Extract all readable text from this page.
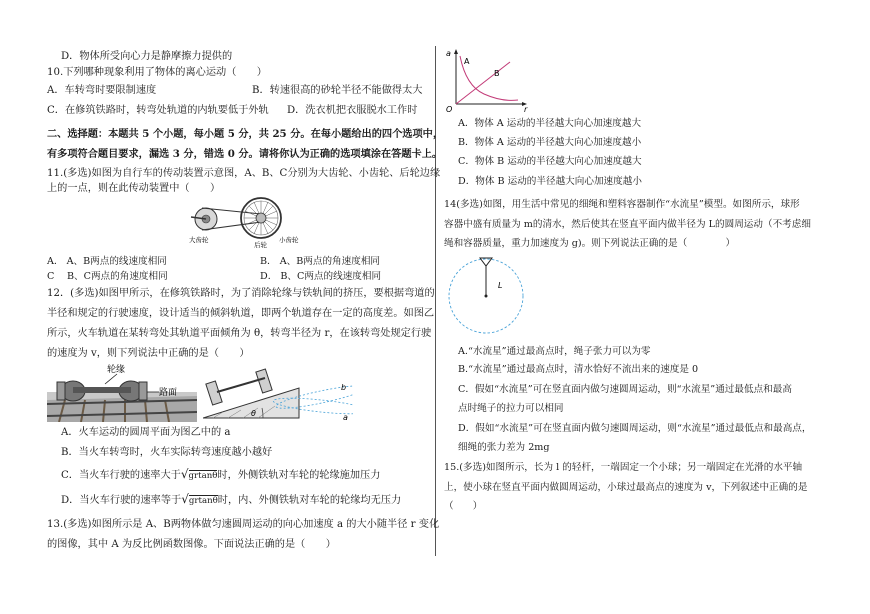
D．物体所受向心力是静摩擦力提供的
10.下列哪种现象利用了物体的离心运动（　　）
A．车转弯时要限制速度	B．转速很高的砂轮半径不能做得太大
C．在修筑铁路时，转弯处轨道的内轨要低于外轨 D．洗衣机把衣服脱水工作时
二、选择题：本题共 5 个小题，每小题 5 分，共 25 分。在每小题给出的四个选项中，
有多项符合题目要求，漏选 3 分，错选 0 分。请将你认为正确的选项填涂在答题卡上。
11.(多选)如图为自行车的传动装置示意图，A、B、C分别为大齿轮、小齿轮、后轮边缘
上的一点，则在此传动装置中（　　）
大齿轮
后轮
小齿轮
A． A、B两点的线速度相同	B． A、B两点的角速度相同
C　 B、C两点的角速度相同	D． B、C两点的线速度相同
12．(多选)如图甲所示，在修筑铁路时，为了消除轮缘与铁轨间的挤压，要根据弯道的
半径和规定的行驶速度，设计适当的倾斜轨道，即两个轨道存在一定的高度差。如图乙
所示，火车轨道在某转弯处其轨道平面倾角为 θ，转弯半径为 r，在该转弯处规定行驶
的速度为 v，则下列说法中正确的是（　　）
轮缘
路面
θ
b
a
A．火车运动的圆周平面为图乙中的 a
B．当火车转弯时，火车实际转弯速度越小越好
C．当火车行驶的速率大于√grtanθ时，外侧铁轨对车轮的轮缘施加压力
D．当火车行驶的速率等于√grtanθ时，内、外侧铁轨对车轮的轮缘均无压力
13.(多选)如图所示是 A、B两物体做匀速圆周运动的向心加速度 a 的大小随半径 r 变化
的图像，其中 A 为反比例函数图像。下面说法正确的是（　　）
a
r
O
A
B
A．物体 A 运动的半径越大向心加速度越大
B．物体 A 运动的半径越大向心加速度越小
C．物体 B 运动的半径越大向心加速度越大
D．物体 B 运动的半径越大向心加速度越小
14(多选)如图，用生活中常见的细绳和塑料容器制作“水流星”模型。如图所示，球形
容器中盛有质量为 m的清水，然后使其在竖直平面内做半径为 L的圆周运动（不考虑细
绳和容器质量，重力加速度为 g)。则下列说法正确的是（　　　　）
L
A.“水流星”通过最高点时，绳子张力可以为零
B.“水流星”通过最高点时，清水恰好不流出来的速度是 0
C．假如“水流星”可在竖直面内做匀速圆周运动，则“水流星”通过最低点和最高
点时绳子的拉力可以相同
D．假如“水流星”可在竖直面内做匀速圆周运动，则“水流星”通过最低点和最高点，
细绳的张力差为 2mg
15.(多选)如图所示，长为 l 的轻杆，一端固定一个小球；另一端固定在光滑的水平轴
上，使小球在竖直平面内做圆周运动，小球过最高点的速度为 v，下列叙述中正确的是
（　　）
